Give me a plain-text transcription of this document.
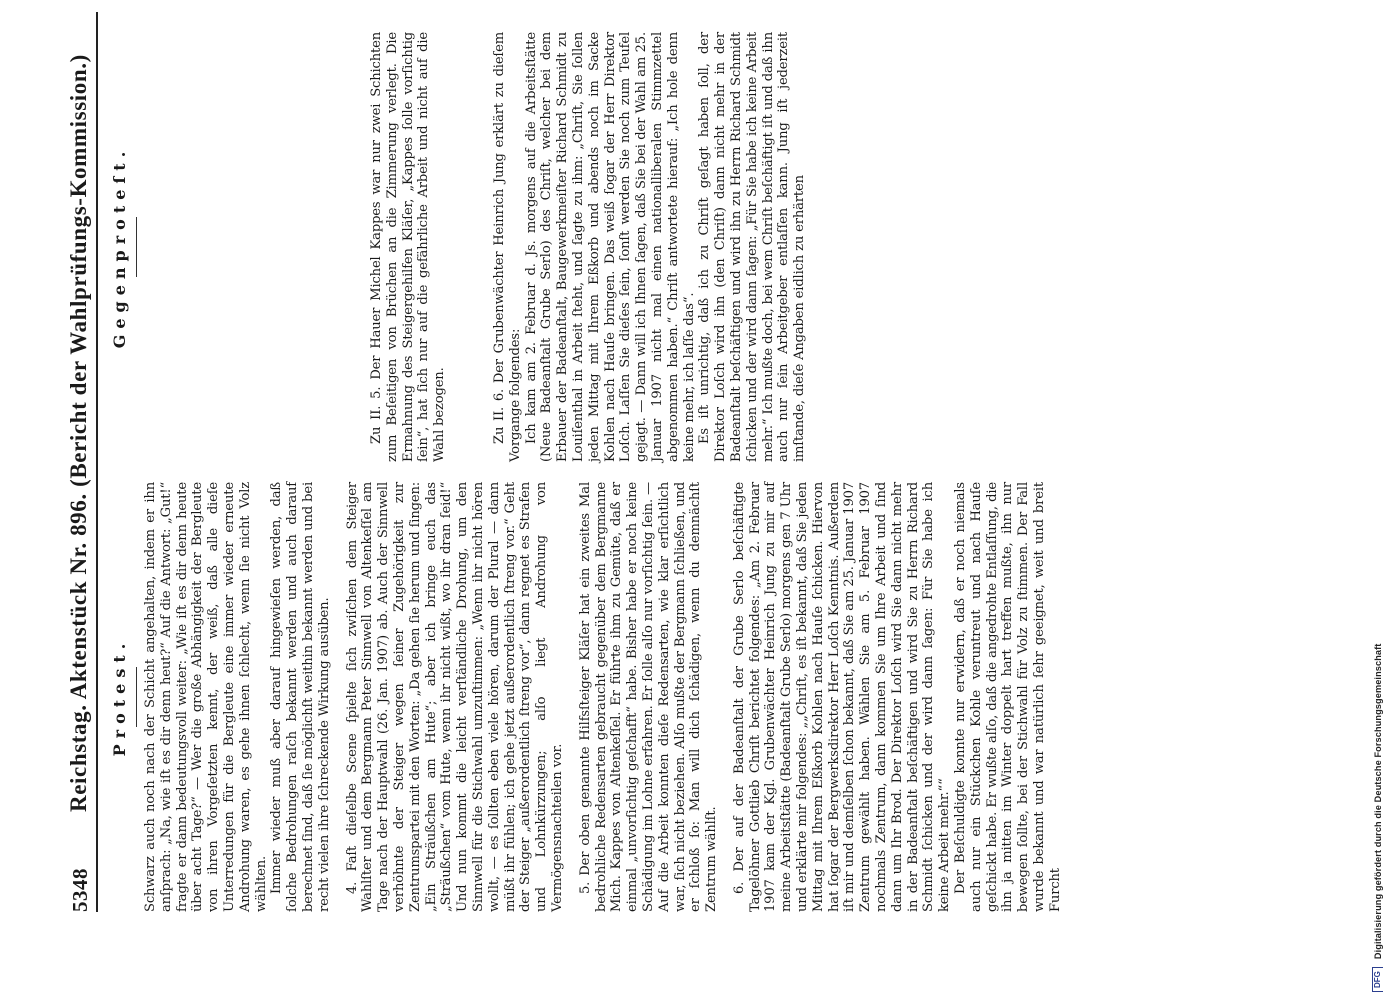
5348
Reichstag. Aktenstück Nr. 896. (Bericht der Wahlprüfungs-Kommission.) Protest. Schwarz auch noch nach der Schicht angehalten, indem er ihn anſprach: „Na, wie iſt es dir denn heut?“ Auf die Antwort: „Gut!“ fragte er dann bedeutungsvoll weiter: „Wie iſt es dir denn heute über acht Tage?“ — Wer die große Abhängigkeit der Bergleute von ihren Vorgeſetzten kennt, der weiß, daß alle dieſe Unterredungen für die Bergleute eine immer wieder erneute Androhung waren, es gehe ihnen ſchlecht, wenn ſie nicht Volz wählten. Immer wieder muß aber darauf hingewieſen werden, daß ſolche Bedrohungen raſch bekannt werden und auch darauf berechnet ſind, daß ſie möglichſt weithin bekannt werden und bei recht vielen ihre ſchreckende Wirkung ausüben. 4. Faſt dieſelbe Scene ſpielte ſich zwiſchen dem Steiger Wahlſter und dem Bergmann Peter Sinnwell von Altenkeſſel am Tage nach der Hauptwahl (26. Jan. 1907) ab. Auch der Sinnwell verhöhnte der Steiger wegen ſeiner Zugehörigkeit zur Zentrumspartei mit den Worten: „Da gehen ſie herum und ſingen: „Ein Sträußchen am Hute“; aber ich bringe euch das „Sträußchen“ vom Hute, wenn ihr nicht wißt, wo ihr dran ſeid!“ Und nun kommt die leicht verſtändliche Drohung, um den Sinnwell für die Stichwahl umzuſtimmen: „Wenn ihr nicht hören wollt, — es ſollten eben viele hören, darum der Plural — dann müßt ihr fühlen; ich gehe jetzt außerordentlich ſtreng vor.“ Geht der Steiger „außerordentlich ſtreng vor“, dann regnet es Strafen und Lohnkürzungen; alſo liegt Androhung von Vermögensnachteilen vor. 5. Der oben genannte Hilfsſteiger Kläſer hat ein zweites Mal bedrohliche Redensarten gebraucht gegenüber dem Bergmanne Mich. Kappes von Altenkeſſel. Er führte ihm zu Gemüte, daß er einmal „unvorſichtig geſchafft“ habe. Bisher habe er noch keine Schädigung im Lohne erfahren. Er ſolle alſo nur vorſichtig ſein. — Auf die Arbeit konnten dieſe Redensarten, wie klar erſichtlich war, ſich nicht beziehen. Alſo mußte der Bergmann ſchließen, und er ſchloß ſo: Man will dich ſchädigen, wenn du demnächſt Zentrum wählſt. 6. Der auf der Badeanſtalt der Grube Serlo beſchäftigte Tagelöhner Gottlieb Chriſt berichtet folgendes: „Am 2. Februar 1907 kam der Kgl. Grubenwächter Heinrich Jung zu mir auf meine Arbeitsſtätte (Badeanſtalt Grube Serlo) morgens gen 7 Uhr und erklärte mir folgendes: „„Chriſt, es iſt bekannt, daß Sie jeden Mittag mit Ihrem Eßkorb Kohlen nach Hauſe ſchicken. Hiervon hat ſogar der Bergwerksdirektor Herr Loſch Kenntnis. Außerdem iſt mir und demſelben ſchon bekannt, daß Sie am 25. Januar 1907 Zentrum gewählt haben. Wählen Sie am 5. Februar 1907 nochmals Zentrum, dann kommen Sie um Ihre Arbeit und ſind dann um Ihr Brod. Der Direktor Loſch wird Sie dann nicht mehr in der Badeanſtalt beſchäftigen und wird Sie zu Herrn Richard Schmidt ſchicken und der wird dann ſagen: Für Sie habe ich keine Arbeit mehr.““ Der Beſchuldigte konnte nur erwidern, daß er noch niemals auch nur ein Stückchen Kohle veruntreut und nach Hauſe geſchickt habe. Er wußte alſo, daß die angedrohte Entlaſſung, die ihn ja mitten im Winter doppelt hart treffen mußte, ihn nur bewegen ſollte, bei der Stichwahl für Volz zu ſtimmen. Der Fall wurde bekannt und war natürlich ſehr geeignet, weit und breit Furcht

Gegenproteſt.	Zu II. 5. Der Hauer Michel Kappes war nur zwei Schichten zum Beſeitigen von Brüchen an die Zimmerung verlegt. Die Ermahnung des Steigergehilfen Kläſer, „Kappes ſolle vorſichtig ſein“, hat ſich nur auf die gefährliche Arbeit und nicht auf die Wahl bezogen.	Zu II. 6. Der Grubenwächter Heinrich Jung erklärt zu dieſem Vorgange folgendes: Ich kam am 2. Februar d. Js. morgens auf die Arbeitsſtätte (Neue Badeanſtalt Grube Serlo) des Chriſt, welcher bei dem Erbauer der Badeanſtalt, Baugewerkmeiſter Richard Schmidt zu Louiſenthal in Arbeit ſteht, und ſagte zu ihm: „Chriſt, Sie ſollen jeden Mittag mit Ihrem Eßkorb und abends noch im Sacke Kohlen nach Hauſe bringen. Das weiß ſogar der Herr Direktor Loſch. Laſſen Sie dieſes ſein, ſonſt werden Sie noch zum Teufel gejagt. — Dann will ich Ihnen ſagen, daß Sie bei der Wahl am 25. Januar 1907 nicht mal einen nationalliberalen Stimmzettel abgenommen haben.“ Chriſt antwortete hierauf: „Ich hole denn keine mehr, ich laſſe das“. Es iſt unrichtig, daß ich zu Chriſt geſagt haben ſoll, der Direktor Loſch wird ihn (den Chriſt) dann nicht mehr in der Badeanſtalt beſchäftigen und wird ihn zu Herrn Richard Schmidt ſchicken und der wird dann ſagen: „Für Sie habe ich keine Arbeit mehr.“ Ich mußte doch, bei wem Chriſt beſchäftigt iſt und daß ihn auch nur ſein Arbeitgeber entlaſſen kann. Jung iſt jederzeit imſtande, dieſe Angaben eidlich zu erhärten

DFG
Digitalisierung gefördert durch die Deutsche Forschungsgemeinschaft
